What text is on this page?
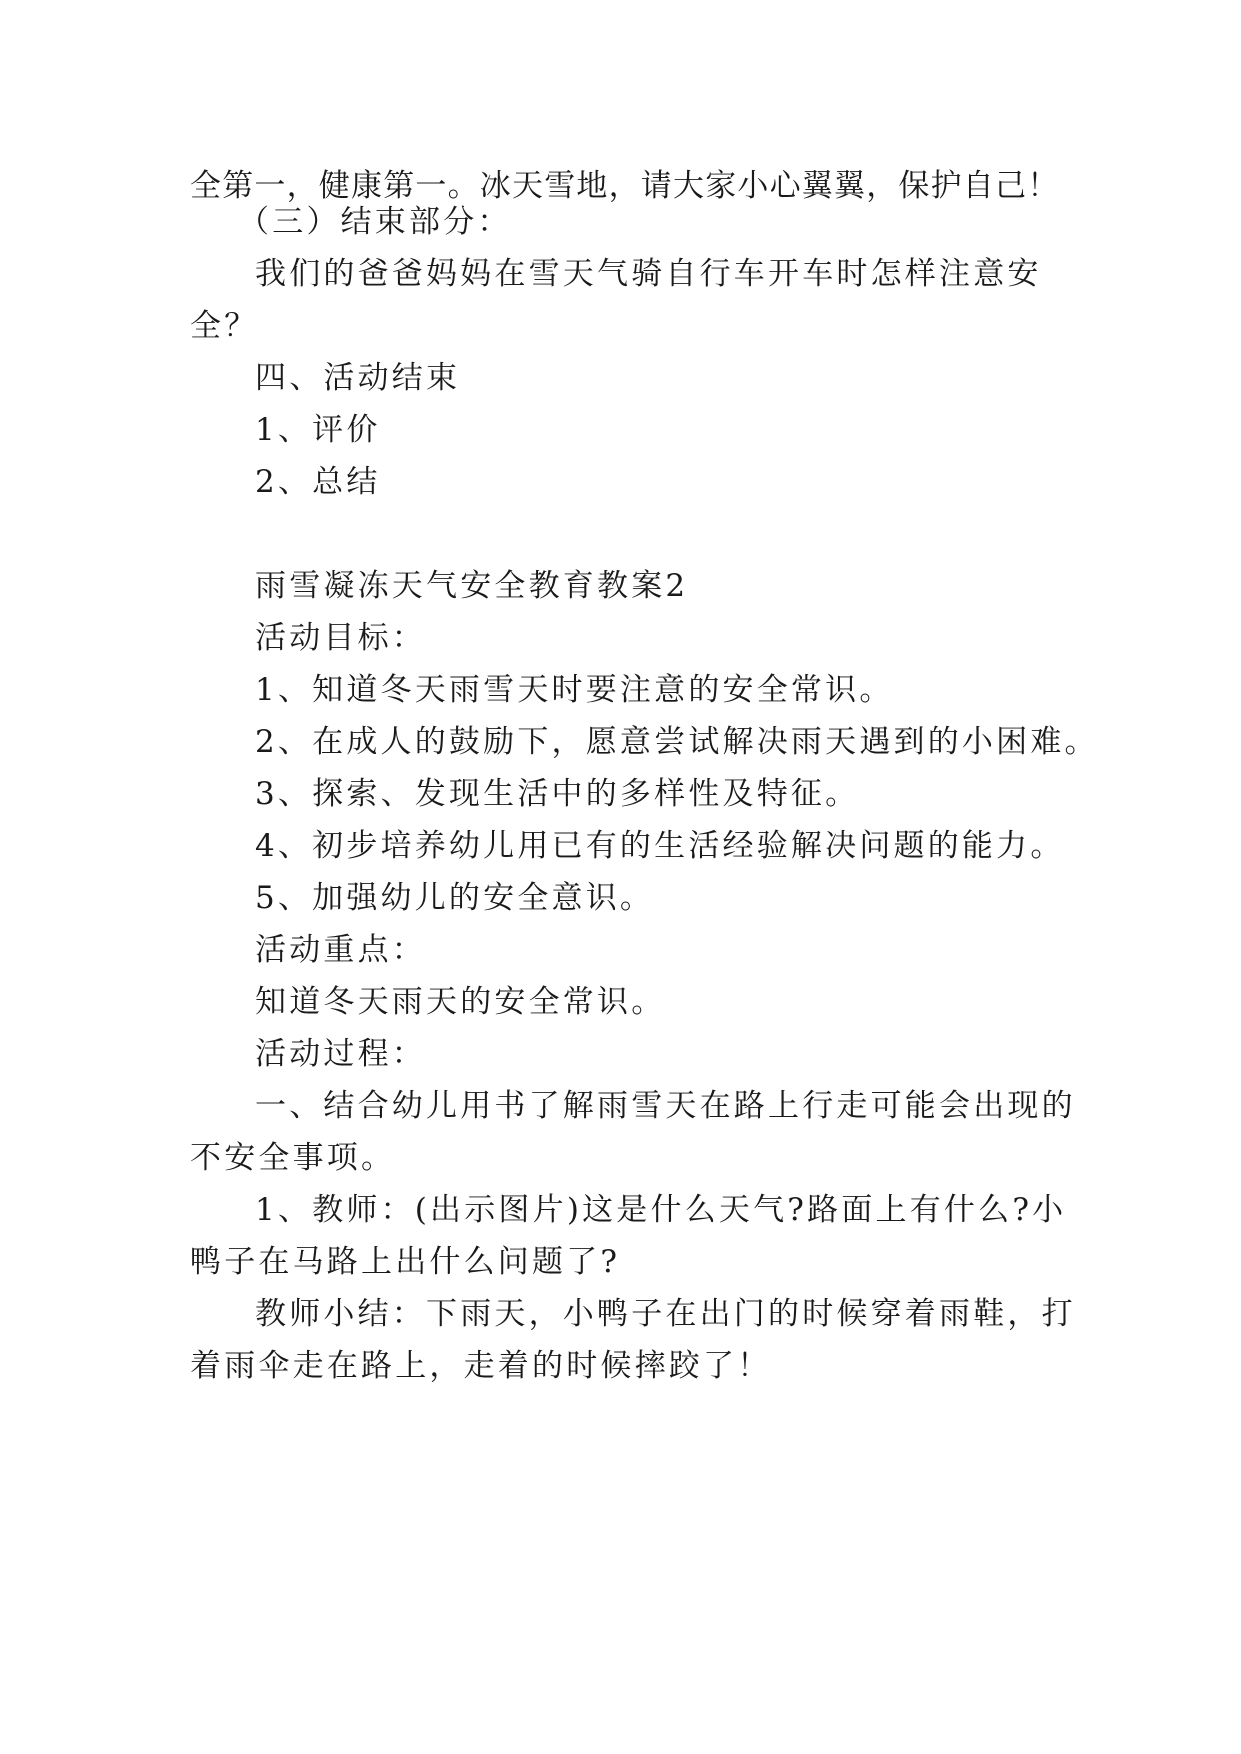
全第一，健康第一。冰天雪地，请大家小心翼翼，保护自己！
（三）结束部分：
我们的爸爸妈妈在雪天气骑自行车开车时怎样注意安
全？
四、活动结束
1、评价
2、总结
雨雪凝冻天气安全教育教案2
活动目标：
1、知道冬天雨雪天时要注意的安全常识。
2、在成人的鼓励下，愿意尝试解决雨天遇到的小困难。
3、探索、发现生活中的多样性及特征。
4、初步培养幼儿用已有的生活经验解决问题的能力。
5、加强幼儿的安全意识。
活动重点：
知道冬天雨天的安全常识。
活动过程：
一、结合幼儿用书了解雨雪天在路上行走可能会出现的
不安全事项。
1、教师：(出示图片)这是什么天气?路面上有什么?小
鸭子在马路上出什么问题了?
教师小结：下雨天，小鸭子在出门的时候穿着雨鞋，打
着雨伞走在路上，走着的时候摔跤了！
